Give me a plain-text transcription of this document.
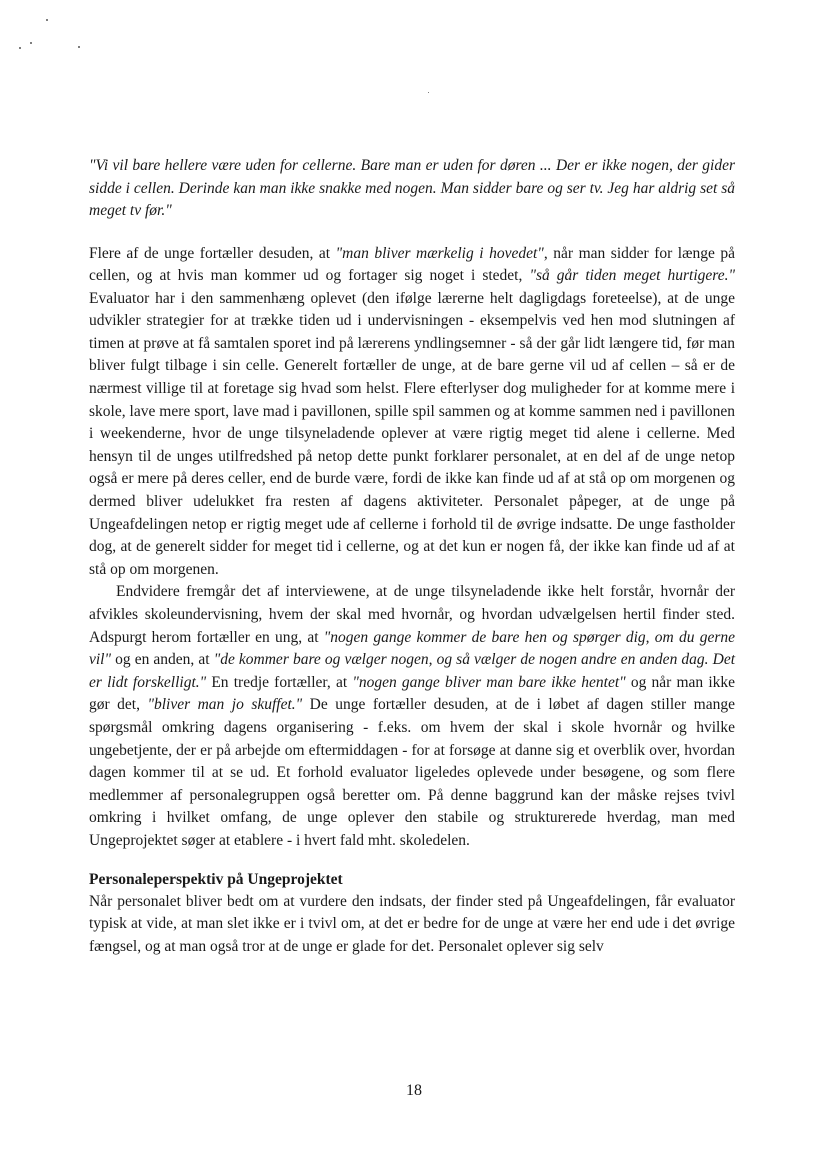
"Vi vil bare hellere være uden for cellerne. Bare man er uden for døren ... Der er ikke nogen, der gider sidde i cellen. Derinde kan man ikke snakke med nogen. Man sidder bare og ser tv. Jeg har aldrig set så meget tv før."

Flere af de unge fortæller desuden, at "man bliver mærkelig i hovedet", når man sidder for længe på cellen, og at hvis man kommer ud og fortager sig noget i stedet, "så går tiden meget hurtigere." Evaluator har i den sammenhæng oplevet (den ifølge lærerne helt dagligdags foreteelse), at de unge udvikler strategier for at trække tiden ud i undervisningen - eksempelvis ved hen mod slutningen af timen at prøve at få samtalen sporet ind på lærerens yndlingsemner - så der går lidt længere tid, før man bliver fulgt tilbage i sin celle. Generelt fortæller de unge, at de bare gerne vil ud af cellen – så er de nærmest villige til at foretage sig hvad som helst. Flere efterlyser dog muligheder for at komme mere i skole, lave mere sport, lave mad i pavillonen, spille spil sammen og at komme sammen ned i pavillonen i weekenderne, hvor de unge tilsyneladende oplever at være rigtig meget tid alene i cellerne. Med hensyn til de unges utilfredshed på netop dette punkt forklarer personalet, at en del af de unge netop også er mere på deres celler, end de burde være, fordi de ikke kan finde ud af at stå op om morgenen og dermed bliver udelukket fra resten af dagens aktiviteter. Personalet påpeger, at de unge på Ungeafdelingen netop er rigtig meget ude af cellerne i forhold til de øvrige indsatte. De unge fastholder dog, at de generelt sidder for meget tid i cellerne, og at det kun er nogen få, der ikke kan finde ud af at stå op om morgenen.

Endvidere fremgår det af interviewene, at de unge tilsyneladende ikke helt forstår, hvornår der afvikles skoleundervisning, hvem der skal med hvornår, og hvordan udvælgelsen hertil finder sted. Adspurgt herom fortæller en ung, at "nogen gange kommer de bare hen og spørger dig, om du gerne vil" og en anden, at "de kommer bare og vælger nogen, og så vælger de nogen andre en anden dag. Det er lidt forskelligt." En tredje fortæller, at "nogen gange bliver man bare ikke hentet" og når man ikke gør det, "bliver man jo skuffet." De unge fortæller desuden, at de i løbet af dagen stiller mange spørgsmål omkring dagens organisering - f.eks. om hvem der skal i skole hvornår og hvilke ungebetjente, der er på arbejde om eftermiddagen - for at forsøge at danne sig et overblik over, hvordan dagen kommer til at se ud. Et forhold evaluator ligeledes oplevede under besøgene, og som flere medlemmer af personalegruppen også beretter om. På denne baggrund kan der måske rejses tvivl omkring i hvilket omfang, de unge oplever den stabile og strukturerede hverdag, man med Ungeprojektet søger at etablere - i hvert fald mht. skoledelen.

Personaleperspektiv på Ungeprojektet

Når personalet bliver bedt om at vurdere den indsats, der finder sted på Ungeafdelingen, får evaluator typisk at vide, at man slet ikke er i tvivl om, at det er bedre for de unge at være her end ude i det øvrige fængsel, og at man også tror at de unge er glade for det. Personalet oplever sig selv

18
